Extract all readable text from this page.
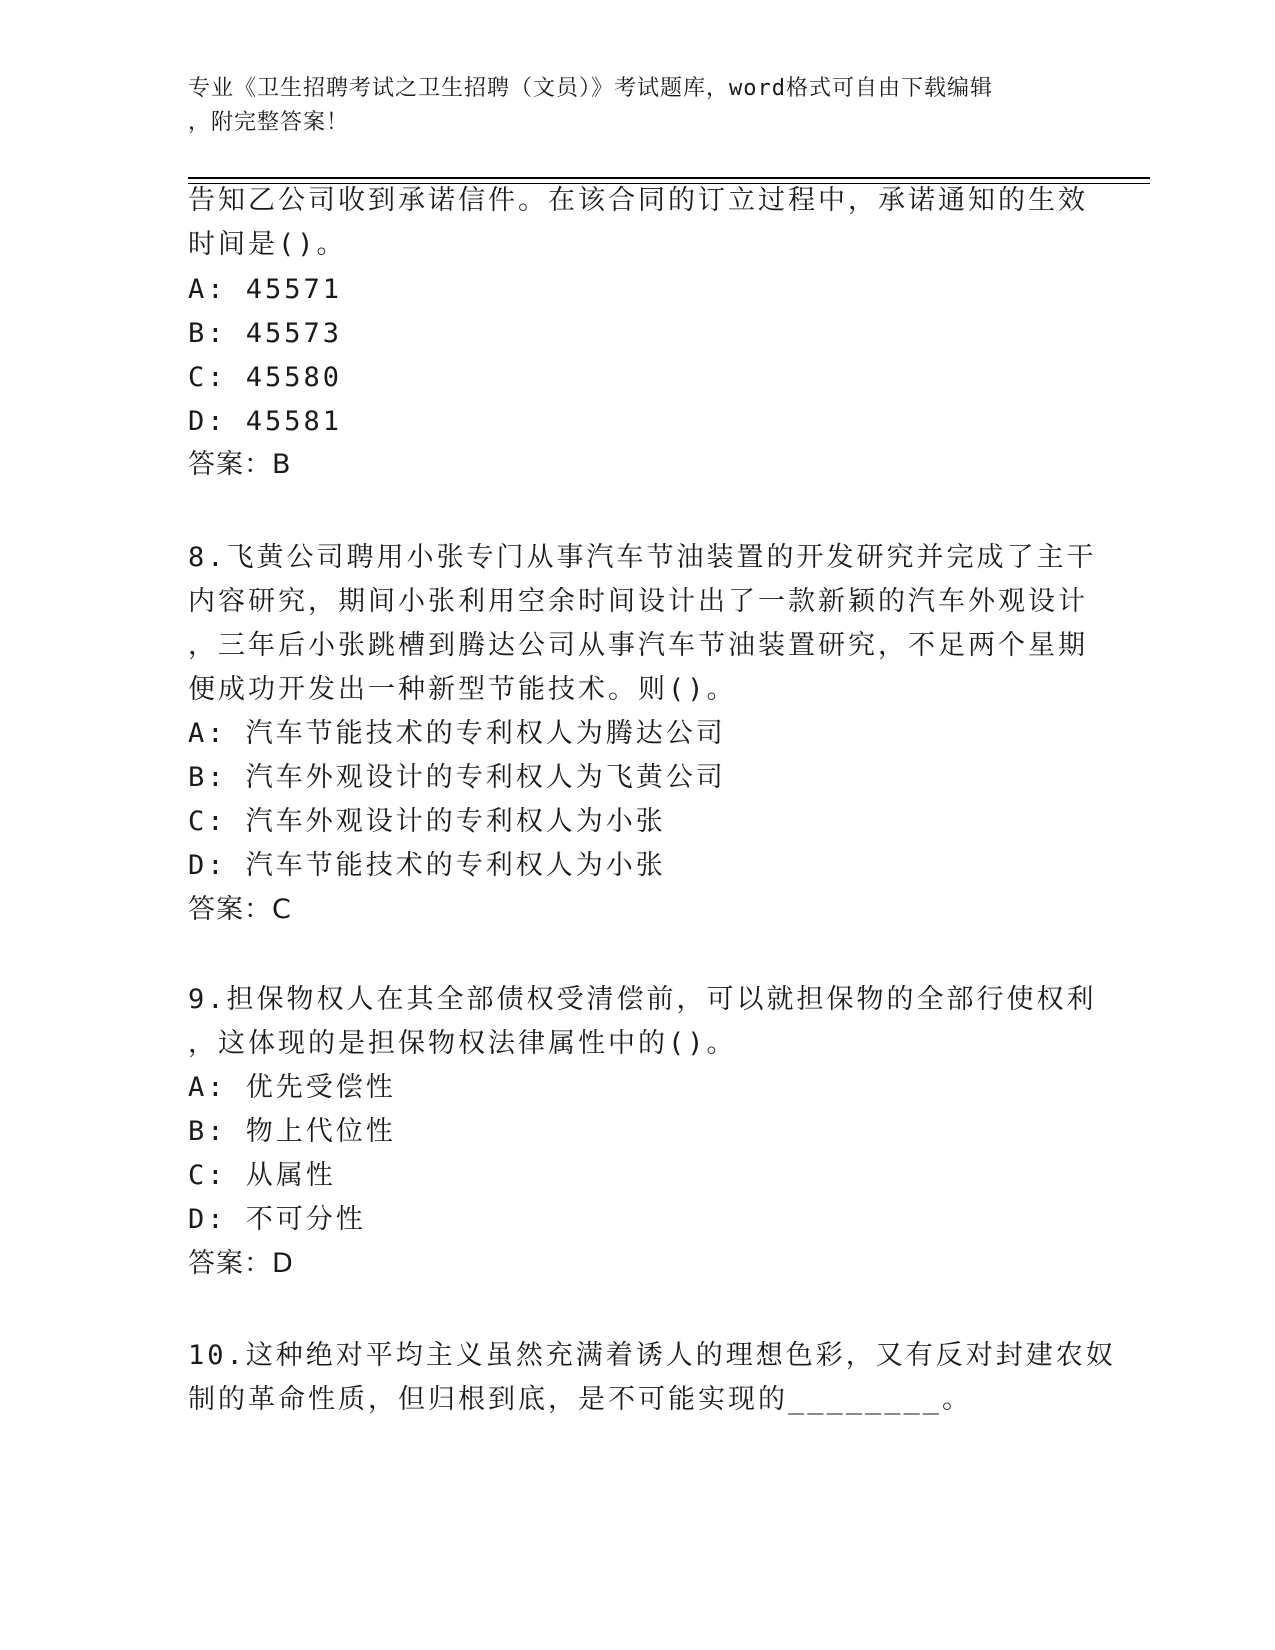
专业《卫生招聘考试之卫生招聘（文员）》考试题库，word格式可自由下载编辑
，附完整答案！
告知乙公司收到承诺信件。在该合同的订立过程中，承诺通知的生效
时间是()。
A: 45571
B: 45573
C: 45580
D: 45581
答案：B
8.飞黄公司聘用小张专门从事汽车节油装置的开发研究并完成了主干
内容研究，期间小张利用空余时间设计出了一款新颖的汽车外观设计
，三年后小张跳槽到腾达公司从事汽车节油装置研究，不足两个星期
便成功开发出一种新型节能技术。则()。
A: 汽车节能技术的专利权人为腾达公司
B: 汽车外观设计的专利权人为飞黄公司
C: 汽车外观设计的专利权人为小张
D: 汽车节能技术的专利权人为小张
答案：C
9.担保物权人在其全部债权受清偿前，可以就担保物的全部行使权利
，这体现的是担保物权法律属性中的()。
A: 优先受偿性
B: 物上代位性
C: 从属性
D: 不可分性
答案：D
10.这种绝对平均主义虽然充满着诱人的理想色彩，又有反对封建农奴
制的革命性质，但归根到底，是不可能实现的________。
